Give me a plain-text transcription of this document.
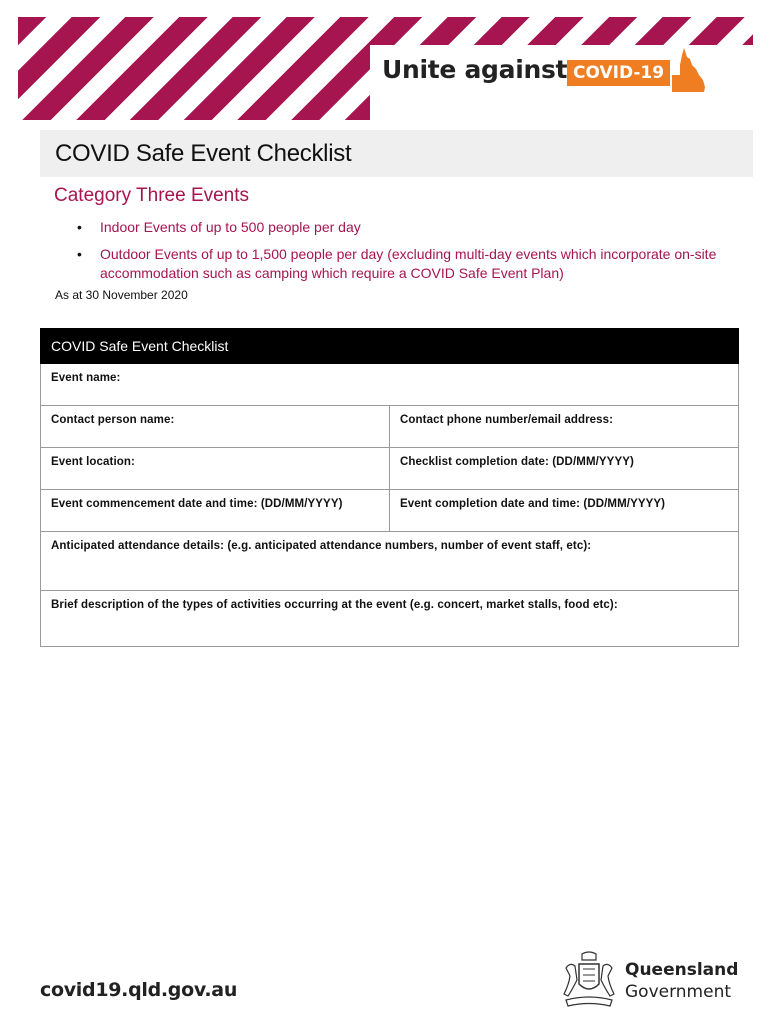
Unite against COVID-19
COVID Safe Event Checklist
Category Three Events
• Indoor Events of up to 500 people per day
• Outdoor Events of up to 1,500 people per day (excluding multi-day events which incorporate on-site accommodation such as camping which require a COVID Safe Event Plan)
As at 30 November 2020
COVID Safe Event Checklist	
Event name:	
Contact person name:	Contact phone number/email address:
Event location:	Checklist completion date: (DD/MM/YYYY)
Event commencement date and time: (DD/MM/YYYY)	Event completion date and time: (DD/MM/YYYY)
Anticipated attendance details: (e.g. anticipated attendance numbers, number of event staff, etc):	
Brief description of the types of activities occurring at the event (e.g. concert, market stalls, food etc):	
covid19.qld.gov.au
Queensland
Government
